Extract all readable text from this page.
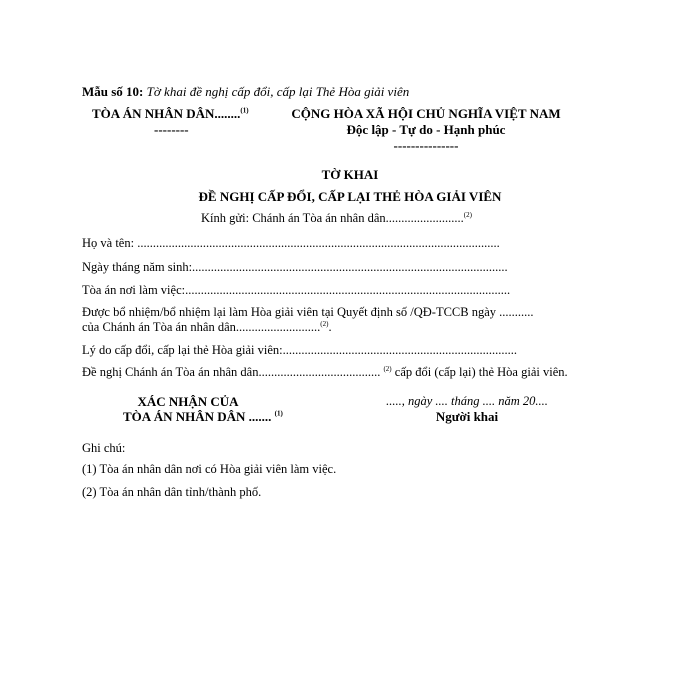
Mẫu số 10: Tờ khai đề nghị cấp đổi, cấp lại Thẻ Hòa giải viên
TÒA ÁN NHÂN DÂN........$^{(1)}$
--------
CỘNG HÒA XÃ HỘI CHỦ NGHĨA VIỆT NAM
Độc lập - Tự do - Hạnh phúc
---------------
TỜ KHAI
ĐỀ NGHỊ CẤP ĐỔI, CẤP LẠI THẺ HÒA GIẢI VIÊN
Kính gửi: Chánh án Tòa án nhân dân.........................$^{(2)}$
Họ và tên: ....................................................................................................................
Ngày tháng năm sinh:.....................................................................................................
Tòa án nơi làm việc:........................................................................................................
Được bổ nhiệm/bổ nhiệm lại làm Hòa giải viên tại Quyết định số /QĐ-TCCB ngày ...........
của Chánh án Tòa án nhân dân...........................$^{(2)}$.
Lý do cấp đổi, cấp lại thẻ Hòa giải viên:...........................................................................
Đề nghị Chánh án Tòa án nhân dân....................................... $^{(2)}$ cấp đổi (cấp lại) thẻ Hòa giải viên.
XÁC NHẬN CỦA
TÒA ÁN NHÂN DÂN ....... $^{(1)}$
....., ngày .... tháng .... năm 20....
Người khai
Ghi chú:
(1) Tòa án nhân dân nơi có Hòa giải viên làm việc.
(2) Tòa án nhân dân tỉnh/thành phố.
